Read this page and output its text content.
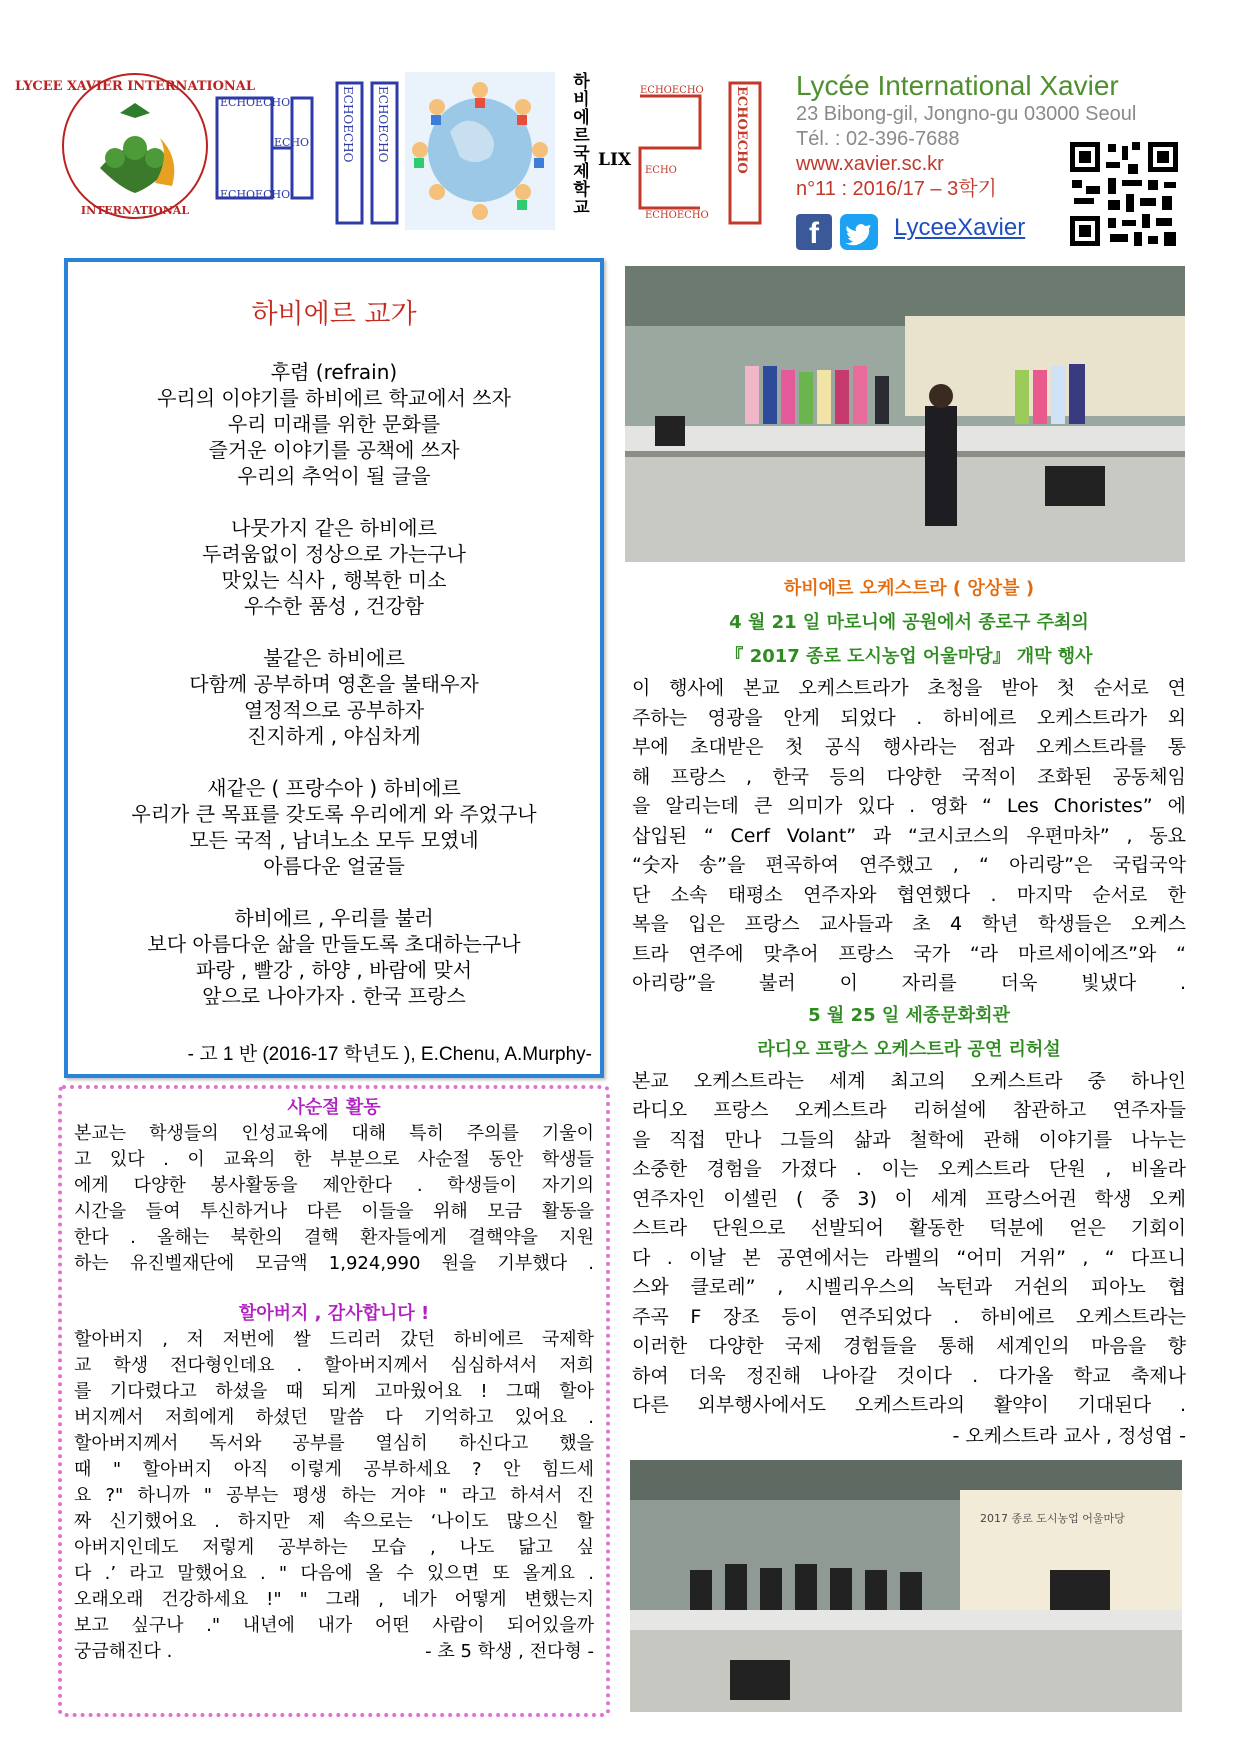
LYCEE XAVIER INTERNATIONAL
INTERNATIONAL
ECHOECHO
ECHO
ECHOECHO
ECHOECHO ECHOECHO	하비에르국제학교 LIX
ECHOECHO
ECHO
ECHOECHO
ECHOECHO
Lycée International Xavier
23 Bibong-gil, Jongno-gu 03000 Seoul
Tél. : 02-396-7688
www.xavier.sc.kr
n°11 : 2016/17 – 3학기
f	LyceeXavier
하비에르 교가
후렴 (refrain)
우리의 이야기를 하비에르 학교에서 쓰자
우리 미래를 위한 문화를
즐거운 이야기를 공책에 쓰자
우리의 추억이 될 글을
나뭇가지 같은 하비에르
두려움없이 정상으로 가는구나
맛있는 식사 , 행복한 미소
우수한 품성 , 건강함
불같은 하비에르
다함께 공부하며 영혼을 불태우자
열정적으로 공부하자
진지하게 , 야심차게
새같은 ( 프랑수아 ) 하비에르
우리가 큰 목표를 갖도록 우리에게 와 주었구나
모든 국적 , 남녀노소 모두 모였네
아름다운 얼굴들
하비에르 , 우리를 불러
보다 아름다운 삶을 만들도록 초대하는구나
파랑 , 빨강 , 하양 , 바람에 맞서
앞으로 나아가자 . 한국 프랑스
- 고 1 반 (2016-17 학년도 ), E.Chenu, A.Murphy-
사순절 활동

본교는 학생들의 인성교육에 대해 특히 주의를 기울이
고 있다 . 이 교육의 한 부분으로 사순절 동안 학생들
에게 다양한 봉사활동을 제안한다 . 학생들이 자기의
시간을 들여 투신하거나 다른 이들을 위해 모금 활동을
한다 . 올해는 북한의 결핵 환자들에게 결핵약을 지원
하는 유진벨재단에 모금액 1,924,990 원을 기부했다 .

할아버지 , 감사합니다 !

할아버지 , 저 저번에 쌀 드리러 갔던 하비에르 국제학
교 학생 전다형인데요 . 할아버지께서 심심하셔서 저희
를 기다렸다고 하셨을 때 되게 고마웠어요 ! 그때 할아
버지께서 저희에게 하셨던 말씀 다 기억하고 있어요 .
할아버지께서 독서와 공부를 열심히 하신다고 했을
때 " 할아버지 아직 이렇게 공부하세요 ? 안 힘드세
요 ?" 하니까 " 공부는 평생 하는 거야 " 라고 하셔서 진
짜 신기했어요 . 하지만 제 속으로는 ‘나이도 많으신 할
아버지인데도 저렇게 공부하는 모습 , 나도 닮고 싶
다 .’ 라고 말했어요 . " 다음에 올 수 있으면 또 올게요 .
오래오래 건강하세요 !" " 그래 , 네가 어떻게 변했는지
보고 싶구나 ." 내년에 내가 어떤 사람이 되어있을까

궁금해진다 .	- 초 5 학생 , 전다형 -

하비에르 오케스트라 ( 앙상블 )
4 월 21 일 마로니에 공원에서 종로구 주최의
『 2017 종로 도시농업 어울마당』 개막 행사

이 행사에 본교 오케스트라가 초청을 받아 첫 순서로 연
주하는 영광을 안게 되었다 . 하비에르 오케스트라가 외
부에 초대받은 첫 공식 행사라는 점과 오케스트라를 통
해 프랑스 , 한국 등의 다양한 국적이 조화된 공동체임
을 알리는데 큰 의미가 있다 . 영화 “ Les Choristes” 에
삽입된 “ Cerf Volant” 과 “코시코스의 우편마차” , 동요
“숫자 송”을 편곡하여 연주했고 , “ 아리랑”은 국립국악
단 소속 태평소 연주자와 협연했다 . 마지막 순서로 한
복을 입은 프랑스 교사들과 초 4 학년 학생들은 오케스
트라 연주에 맞추어 프랑스 국가 “라 마르세이에즈”와 “
아리랑”을 불러 이 자리를 더욱 빛냈다 .

5 월 25 일 세종문화회관
라디오 프랑스 오케스트라 공연 리허설

본교 오케스트라는 세계 최고의 오케스트라 중 하나인
라디오 프랑스 오케스트라 리허설에 참관하고 연주자들
을 직접 만나 그들의 삶과 철학에 관해 이야기를 나누는
소중한 경험을 가졌다 . 이는 오케스트라 단원 , 비올라
연주자인 이셀린 ( 중 3) 이 세계 프랑스어권 학생 오케
스트라 단원으로 선발되어 활동한 덕분에 얻은 기회이
다 . 이날 본 공연에서는 라벨의 “어미 거위” , “ 다프니
스와 클로레” , 시벨리우스의 녹턴과 거쉰의 피아노 협
주곡 F 장조 등이 연주되었다 . 하비에르 오케스트라는
이러한 다양한 국제 경험들을 통해 세계인의 마음을 향
하여 더욱 정진해 나아갈 것이다 . 다가올 학교 축제나
다른 외부행사에서도 오케스트라의 활약이 기대된다 .

- 오케스트라 교사 , 정성엽 -
2017 종로 도시농업 어울마당
